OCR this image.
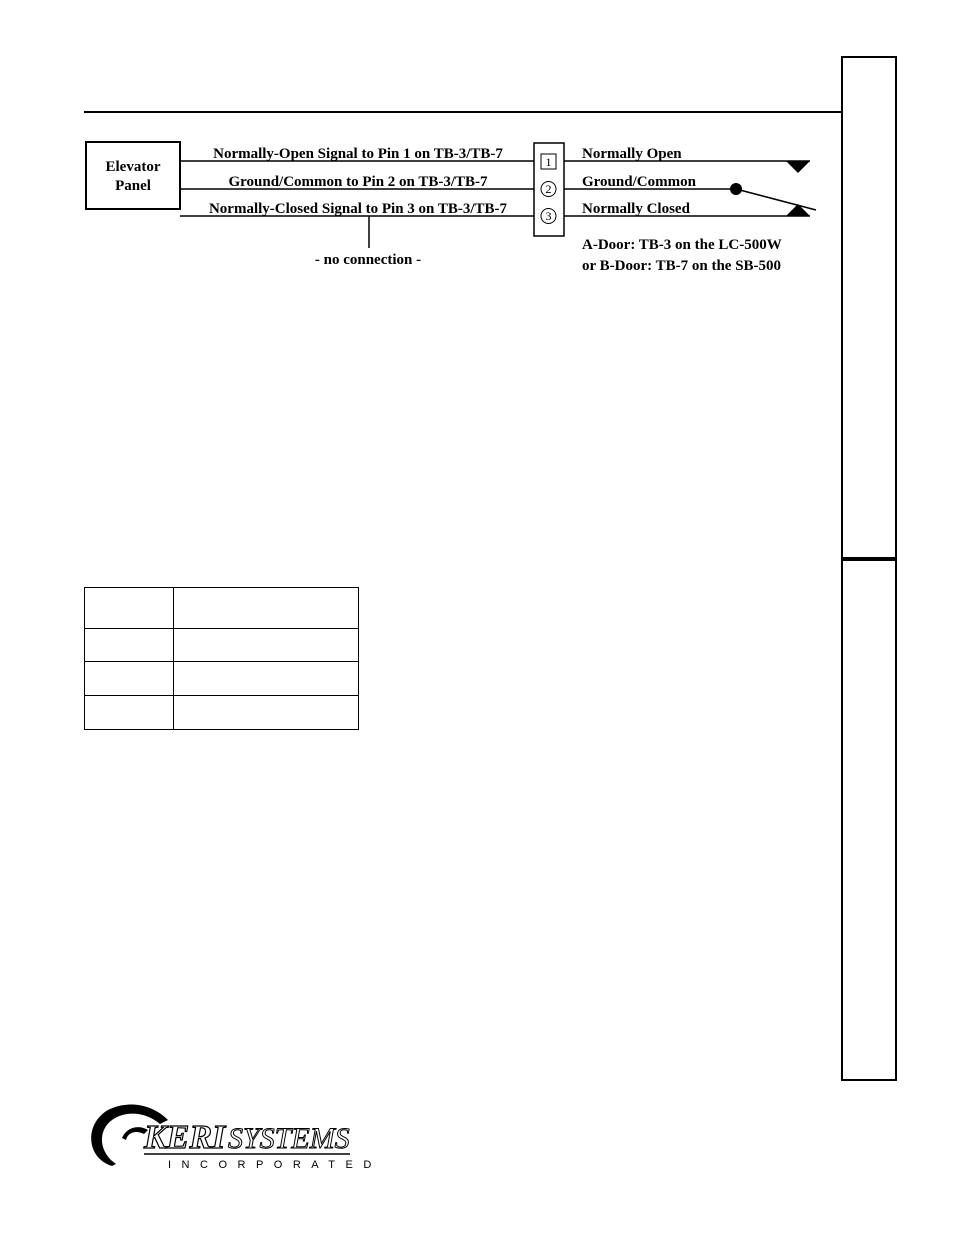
Elevator
Panel
Normally-Open Signal to Pin 1 on TB-3/TB-7
Ground/Common to Pin 2 on TB-3/TB-7
Normally-Closed Signal to Pin 3 on TB-3/TB-7
- no connection -
1
2
3
Normally Open
Ground/Common
Normally Closed
A-Door: TB-3 on the LC-500W
or B-Door: TB-7 on the SB-500

KERI SYSTEMS
INCORPORATED
